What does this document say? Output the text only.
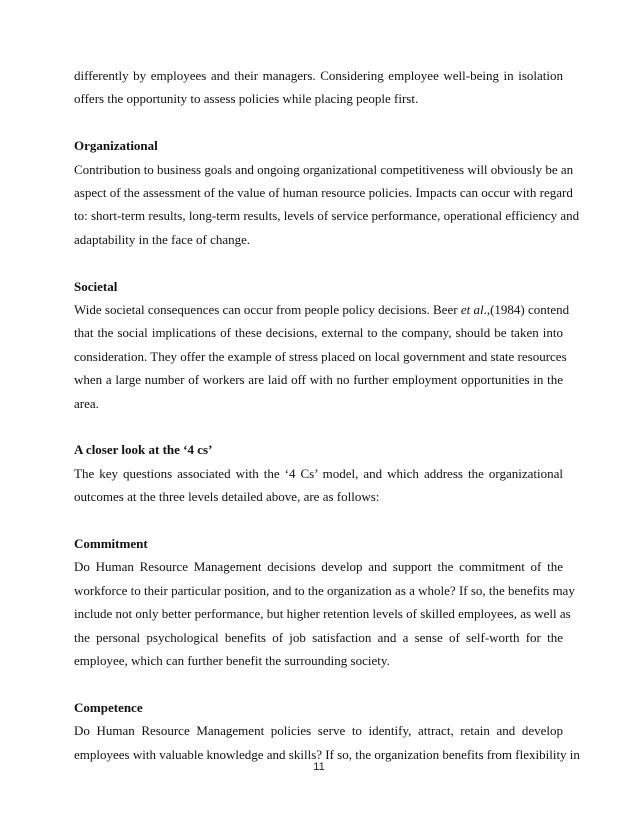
differently by employees and their managers. Considering employee well-being in isolation
offers the opportunity to assess policies while placing people first.

Organizational

Contribution to business goals and ongoing organizational competitiveness will obviously be an
aspect of the assessment of the value of human resource policies. Impacts can occur with regard
to: short-term results, long-term results, levels of service performance, operational efficiency and
adaptability in the face of change.

Societal

Wide societal consequences can occur from people policy decisions. Beer et al.,(1984) contend
that the social implications of these decisions, external to the company, should be taken into
consideration. They offer the example of stress placed on local government and state resources
when a large number of workers are laid off with no further employment opportunities in the
area.

A closer look at the ‘4 cs’

The key questions associated with the ‘4 Cs’ model, and which address the organizational
outcomes at the three levels detailed above, are as follows:

Commitment

Do Human Resource Management decisions develop and support the commitment of the
workforce to their particular position, and to the organization as a whole? If so, the benefits may
include not only better performance, but higher retention levels of skilled employees, as well as
the personal psychological benefits of job satisfaction and a sense of self-worth for the
employee, which can further benefit the surrounding society.

Competence

Do Human Resource Management policies serve to identify, attract, retain and develop
employees with valuable knowledge and skills? If so, the organization benefits from flexibility in

11
